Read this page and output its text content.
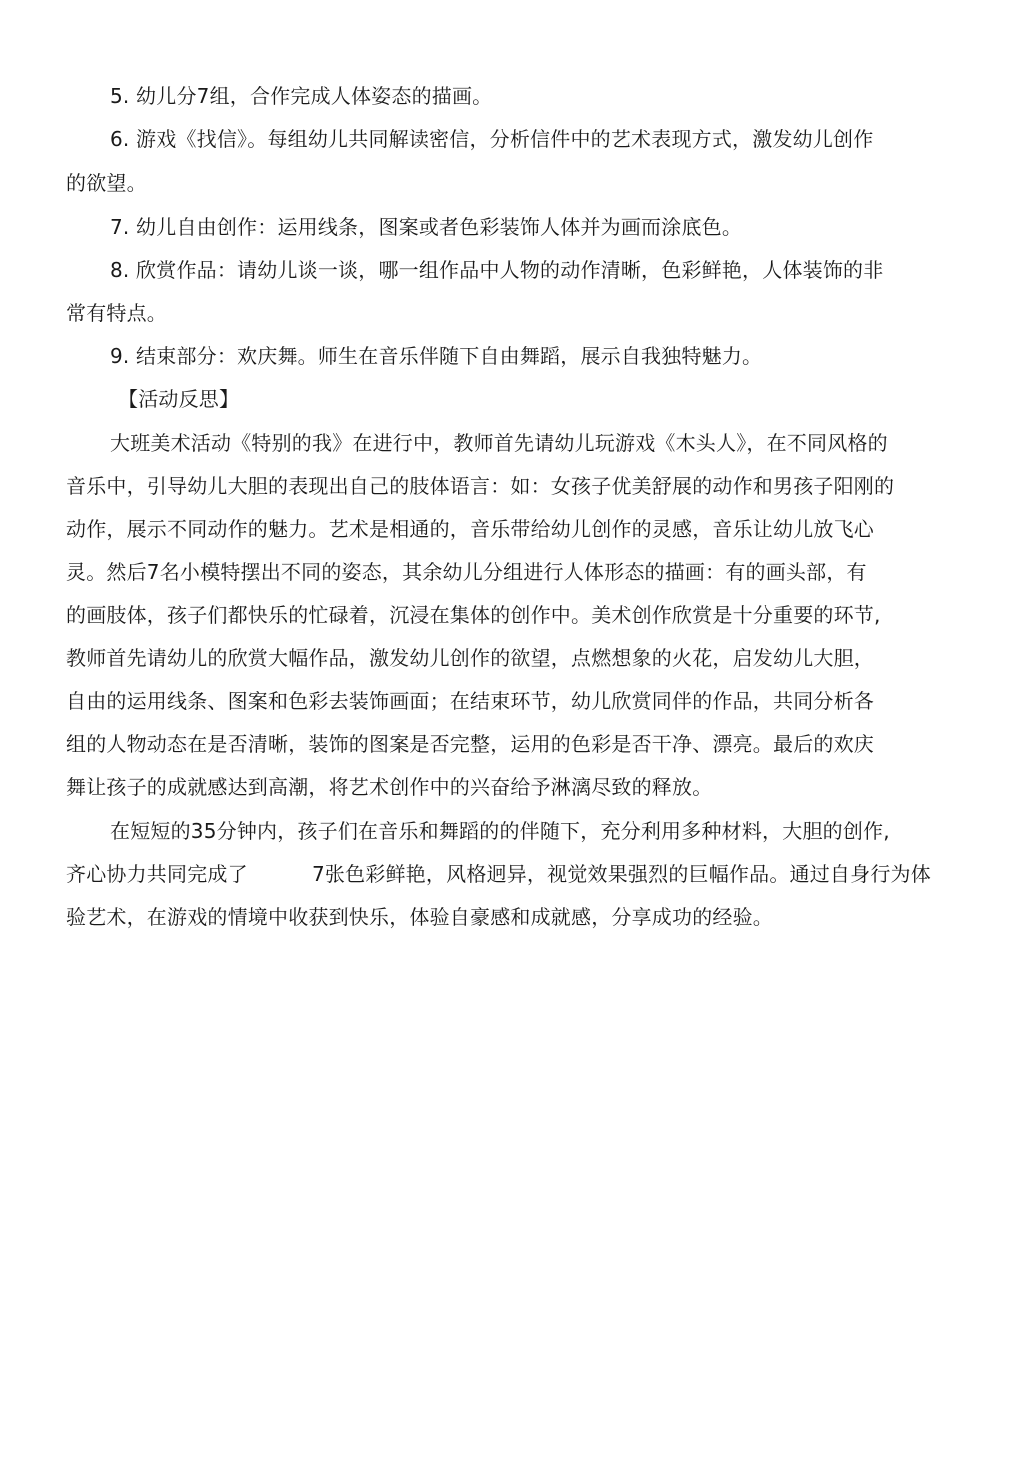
5. 幼儿分7组，合作完成人体姿态的描画。
6. 游戏《找信》。每组幼儿共同解读密信，分析信件中的艺术表现方式，激发幼儿创作
的欲望。
7. 幼儿自由创作：运用线条，图案或者色彩装饰人体并为画而涂底色。
8. 欣赏作品：请幼儿谈一谈，哪一组作品中人物的动作清晰，色彩鲜艳，人体装饰的非
常有特点。
9. 结束部分：欢庆舞。师生在音乐伴随下自由舞蹈，展示自我独特魅力。
【活动反思】
大班美术活动《特别的我》在进行中，教师首先请幼儿玩游戏《木头人》，在不同风格的
音乐中，引导幼儿大胆的表现出自己的肢体语言：如：女孩子优美舒展的动作和男孩子阳刚的
动作，展示不同动作的魅力。艺术是相通的，音乐带给幼儿创作的灵感，音乐让幼儿放飞心
灵。然后7名小模特摆出不同的姿态，其余幼儿分组进行人体形态的描画：有的画头部，有
的画肢体，孩子们都快乐的忙碌着，沉浸在集体的创作中。美术创作欣赏是十分重要的环节,
教师首先请幼儿的欣赏大幅作品，激发幼儿创作的欲望，点燃想象的火花，启发幼儿大胆，
自由的运用线条、图案和色彩去装饰画面；在结束环节，幼儿欣赏同伴的作品，共同分析各
组的人物动态在是否清晰，装饰的图案是否完整，运用的色彩是否干净、漂亮。最后的欢庆
舞让孩子的成就感达到高潮，将艺术创作中的兴奋给予淋漓尽致的释放。
在短短的35分钟内，孩子们在音乐和舞蹈的的伴随下，充分利用多种材料，大胆的创作,
齐心协力共同完成了	7张色彩鲜艳，风格迥异，视觉效果强烈的巨幅作品。通过自身行为体
验艺术，在游戏的情境中收获到快乐，体验自豪感和成就感，分享成功的经验。
